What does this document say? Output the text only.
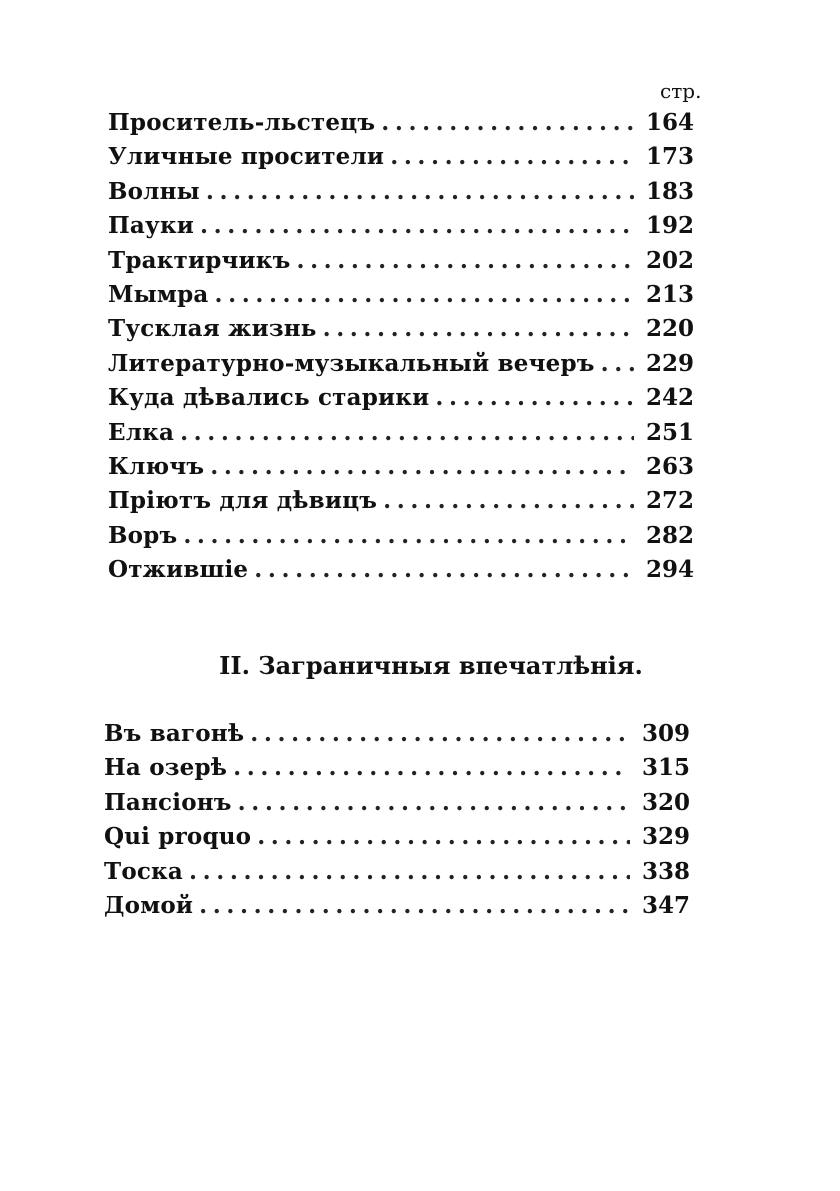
стр.
Проситель-льстецъ . . .	164
Уличные просители . . .	173
Волны . . .	183
Пауки . . .	192
Трактирчикъ . . .	202
Мымра . . .	213
Тусклая жизнь . . .	220
Литературно-музыкальный вечеръ . . .	229
Куда дѣвались старики . . .	242
Елка . . .	251
Ключъ . . .	263
Пріютъ для дѣвицъ . . .	272
Воръ . . .	282
Отжившіе . . .	294
II. Заграничныя впечатлѣнія.
Въ вагонѣ . . .	309
На озерѣ . . .	315
Пансіонъ . . .	320
Qui proquo . . .	329
Тоска . . .	338
Домой . . .	347
